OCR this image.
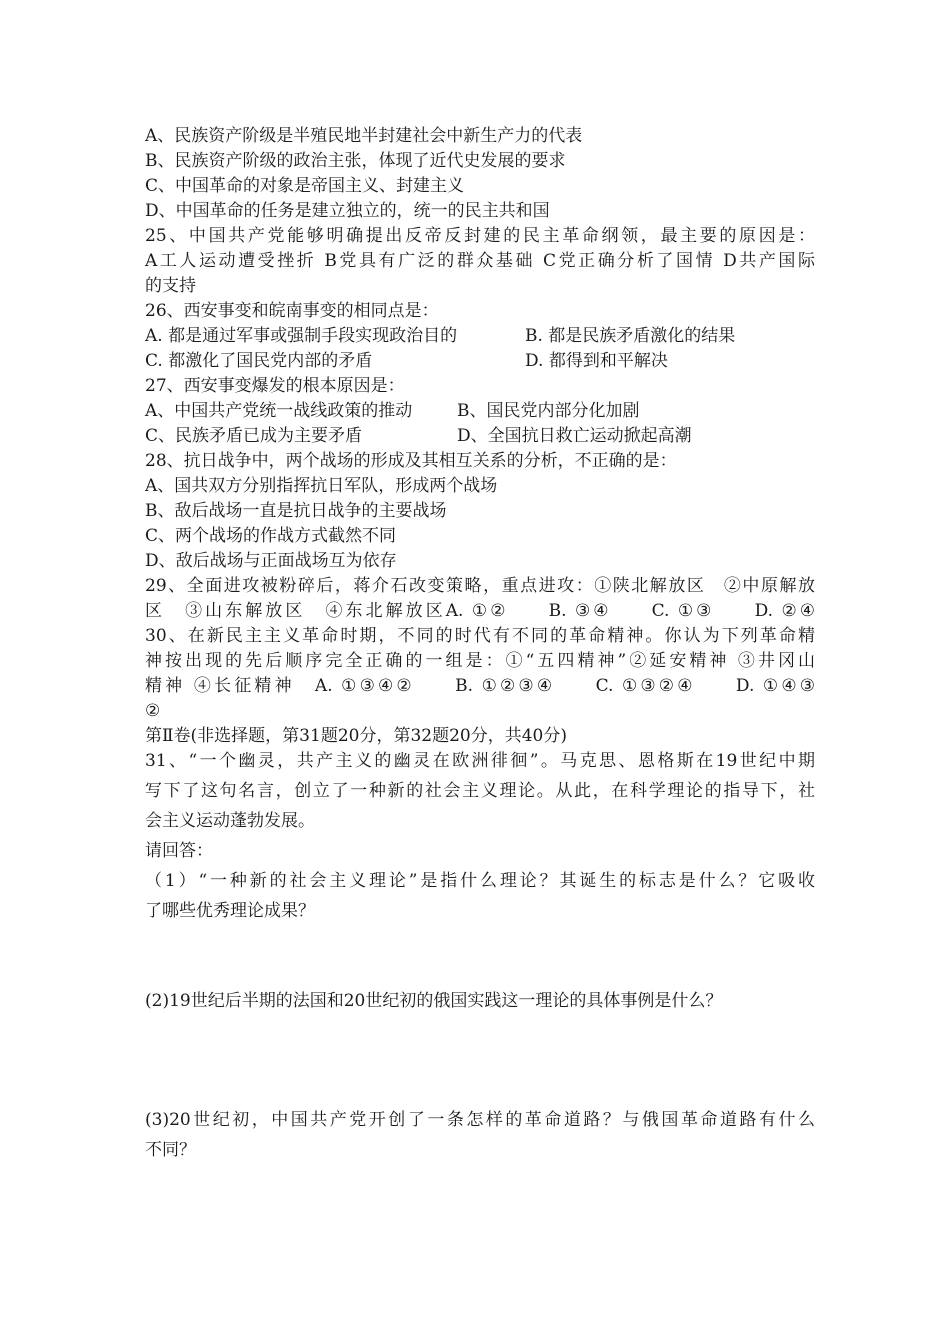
A、民族资产阶级是半殖民地半封建社会中新生产力的代表
B、民族资产阶级的政治主张，体现了近代史发展的要求
C、中国革命的对象是帝国主义、封建主义
D、中国革命的任务是建立独立的，统一的民主共和国
25、中国共产党能够明确提出反帝反封建的民主革命纲领，最主要的原因是：
A工人运动遭受挫折 B党具有广泛的群众基础 C党正确分析了国情 D共产国际
的支持
26、西安事变和皖南事变的相同点是：
A. 都是通过军事或强制手段实现政治目的	B. 都是民族矛盾激化的结果
C. 都激化了国民党内部的矛盾	D. 都得到和平解决
27、西安事变爆发的根本原因是：
A、中国共产党统一战线政策的推动	B、国民党内部分化加剧
C、民族矛盾已成为主要矛盾	D、全国抗日救亡运动掀起高潮
28、抗日战争中，两个战场的形成及其相互关系的分析，不正确的是：
A、国共双方分别指挥抗日军队，形成两个战场
B、敌后战场一直是抗日战争的主要战场
C、两个战场的作战方式截然不同
D、敌后战场与正面战场互为依存
29、全面进攻被粉碎后，蒋介石改变策略，重点进攻：①陕北解放区　②中原解放
区　③山东解放区　④东北解放区A. ①②　　B. ③④　　C. ①③　　D. ②④
30、在新民主主义革命时期，不同的时代有不同的革命精神。你认为下列革命精
神按出现的先后顺序完全正确的一组是：①“五四精神”②延安精神 ③井冈山
精神 ④长征精神　A. ①③④②　　B. ①②③④　　C. ①③②④　　D. ①④③
②
第Ⅱ卷(非选择题，第31题20分，第32题20分，共40分)
31、“一个幽灵，共产主义的幽灵在欧洲徘徊”。马克思、恩格斯在19世纪中期
写下了这句名言，创立了一种新的社会主义理论。从此，在科学理论的指导下，社
会主义运动蓬勃发展。
请回答：
（1）“一种新的社会主义理论”是指什么理论？其诞生的标志是什么？它吸收
了哪些优秀理论成果？
(2)19世纪后半期的法国和20世纪初的俄国实践这一理论的具体事例是什么？
(3)20世纪初，中国共产党开创了一条怎样的革命道路？与俄国革命道路有什么
不同？
